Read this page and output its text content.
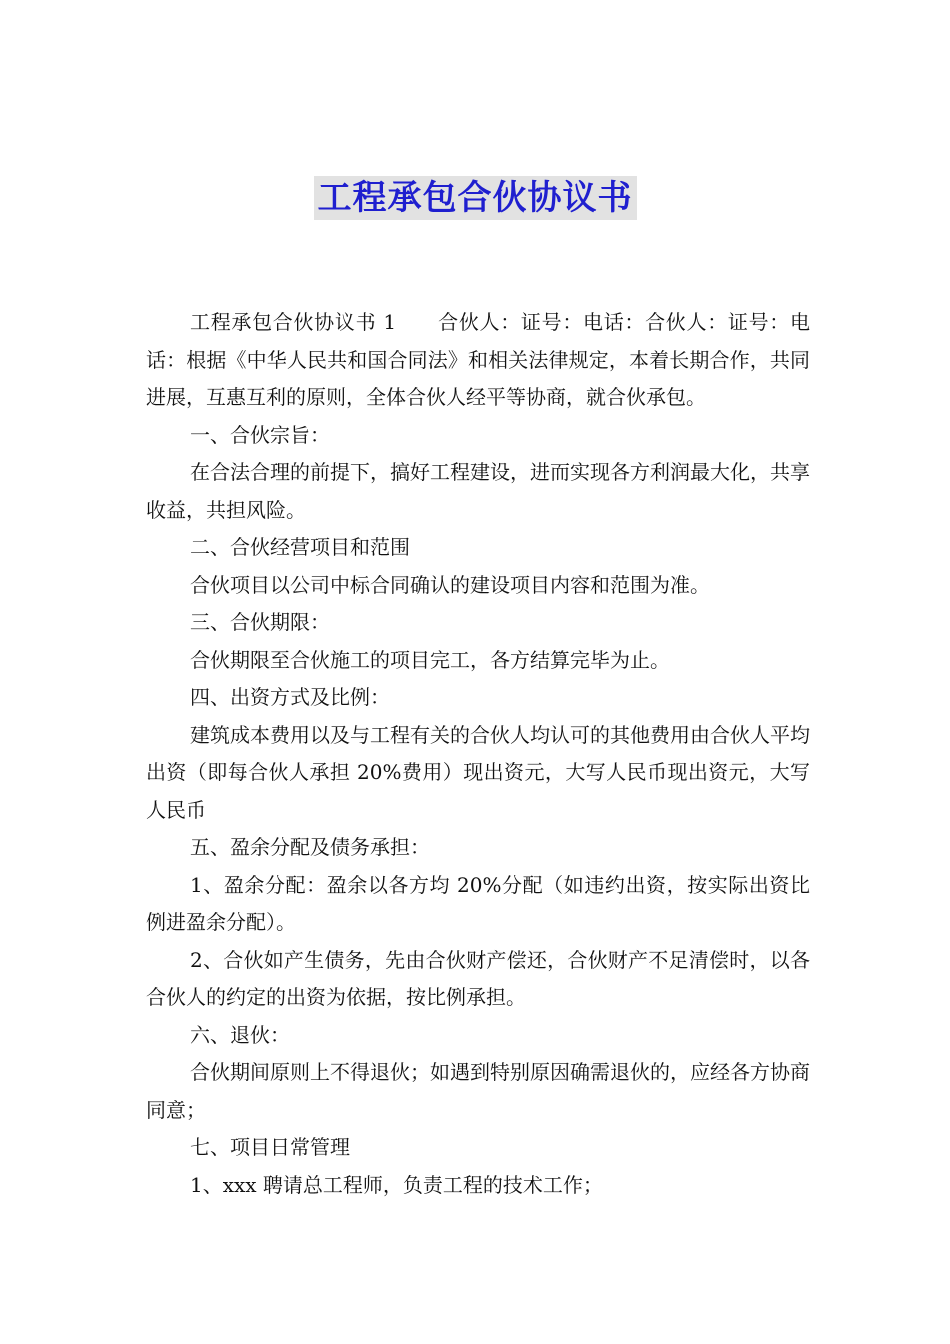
工程承包合伙协议书

工程承包合伙协议书 1　　合伙人：证号：电话：合伙人：证号：电话：根据《中华人民共和国合同法》和相关法律规定，本着长期合作，共同进展，互惠互利的原则，全体合伙人经平等协商，就合伙承包。

一、合伙宗旨：

在合法合理的前提下，搞好工程建设，进而实现各方利润最大化，共享收益，共担风险。

二、合伙经营项目和范围

合伙项目以公司中标合同确认的建设项目内容和范围为准。

三、合伙期限：

合伙期限至合伙施工的项目完工，各方结算完毕为止。

四、出资方式及比例：

建筑成本费用以及与工程有关的合伙人均认可的其他费用由合伙人平均出资（即每合伙人承担 20%费用）现出资元，大写人民币现出资元，大写人民币

五、盈余分配及债务承担：

1、盈余分配：盈余以各方均 20%分配（如违约出资，按实际出资比例进盈余分配）。

2、合伙如产生债务，先由合伙财产偿还，合伙财产不足清偿时，以各合伙人的约定的出资为依据，按比例承担。

六、退伙：

合伙期间原则上不得退伙；如遇到特别原因确需退伙的，应经各方协商同意；

七、项目日常管理

1、xxx 聘请总工程师，负责工程的技术工作；
